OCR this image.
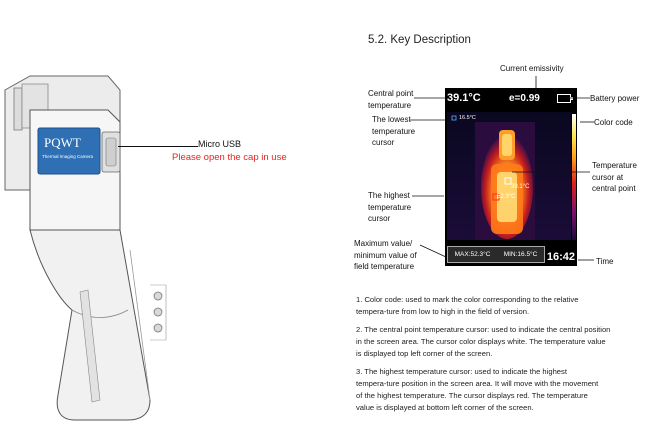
PQWT
Thermal Imaging Camera
Micro USB
Please open the cap in use
5.2. Key Description
39.1°C	e=0.99
16.5°C
39.1°C
52.3°C
MAX:52.3°C MIN:16.5°C 16:42
Current emissivity
Central point
temperature
The lowest
temperature
cursor
The highest
temperature
cursor
Maximum value/
minimum value of
field temperature
Battery power
Color code
Temperature
cursor at
central point
Time
1. Color code: used to mark the color corresponding to the relative
tempera-ture from low to high in the field of version.
2. The central point temperature cursor: used to indicate the central position
in the screen area. The cursor color displays white. The temperature value
is displayed top left corner of the screen.
3. The highest temperature cursor: used to indicate the highest
tempera-ture position in the screen area. It will move with the movement
of the highest temperature. The cursor displays red. The temperature
value is displayed at bottom left corner of the screen.
